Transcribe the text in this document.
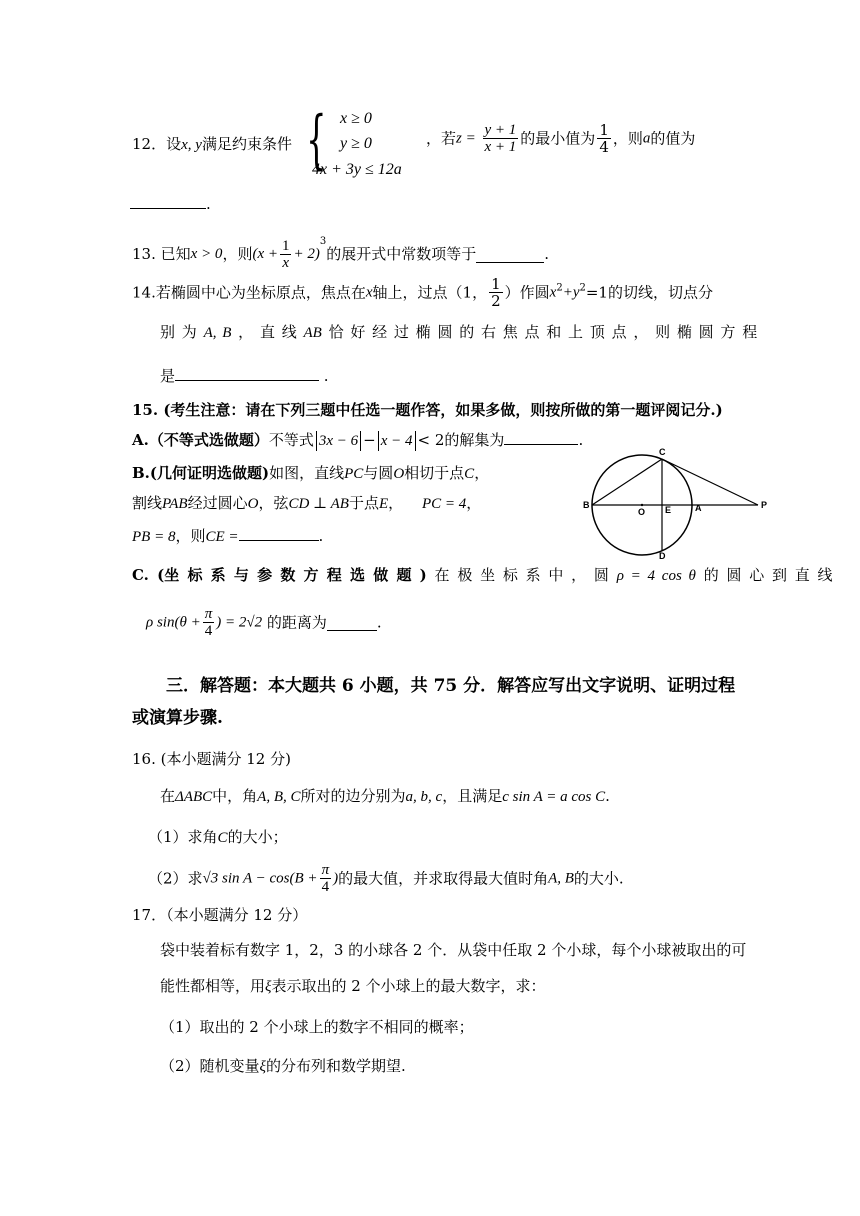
12．设x, y满足约束条件 { x ≥ 0
y ≥ 0
4x + 3y ≤ 12a
，若$z = \frac{y + 1}{x + 1}$ 的最小值为 $\frac{1}{4}$ ，则a的值为
.
13. 已知x > 0，则$(x + \frac{1}{x} + 2)^3$的展开式中常数项等于	.
14.若椭圆中心为坐标原点，焦点在x轴上，过点（1， $\frac{1}{2}$ ）作圆$x^2+y^2=1$的切线，切点分
别 为 A, B ， 直 线 AB 恰 好 经 过 椭 圆 的 右 焦 点 和 上 顶 点 ， 则 椭 圆 方 程
是	.
15. (考生注意：请在下列三题中任选一题作答，如果多做，则按所做的第一题评阅记分.)
A.（不等式选做题）不等式 3x − 6 − x − 4 < 2的解集为	.
B.(几何证明选做题)如图，直线PC与圆O相切于点C，
割线PAB经过圆心O，弦CD ⊥ AB于点E， PC = 4，
PB = 8，则CE =	.
C
B
O E	A	P
D
C. (坐 标 系 与 参 数 方 程 选 做 题 ) 在 极 坐 标 系 中 ， 圆 ρ = 4 cos θ 的 圆 心 到 直 线
ρ $\sin(\theta + \frac{\pi}{4}$ ) = 2√2 的距离为	.
三．解答题：本大题共 6 小题，共 75 分．解答应写出文字说明、证明过程
或演算步骤.
16. (本小题满分 12 分)
在ΔABC中，角A, B, C所对的边分别为a, b, c，且满足c sin A = a cos C.
（1）求角C的大小；
（2）求√3 $\sin A - \cos(B + \frac{\pi}{4}$ )的最大值，并求取得最大值时角A, B的大小.
17．（本小题满分 12 分）
袋中装着标有数字 1，2，3 的小球各 2 个．从袋中任取 2 个小球，每个小球被取出的可
能性都相等，用ξ表示取出的 2 个小球上的最大数字，求：
（1）取出的 2 个小球上的数字不相同的概率；
（2）随机变量ξ的分布列和数学期望.
